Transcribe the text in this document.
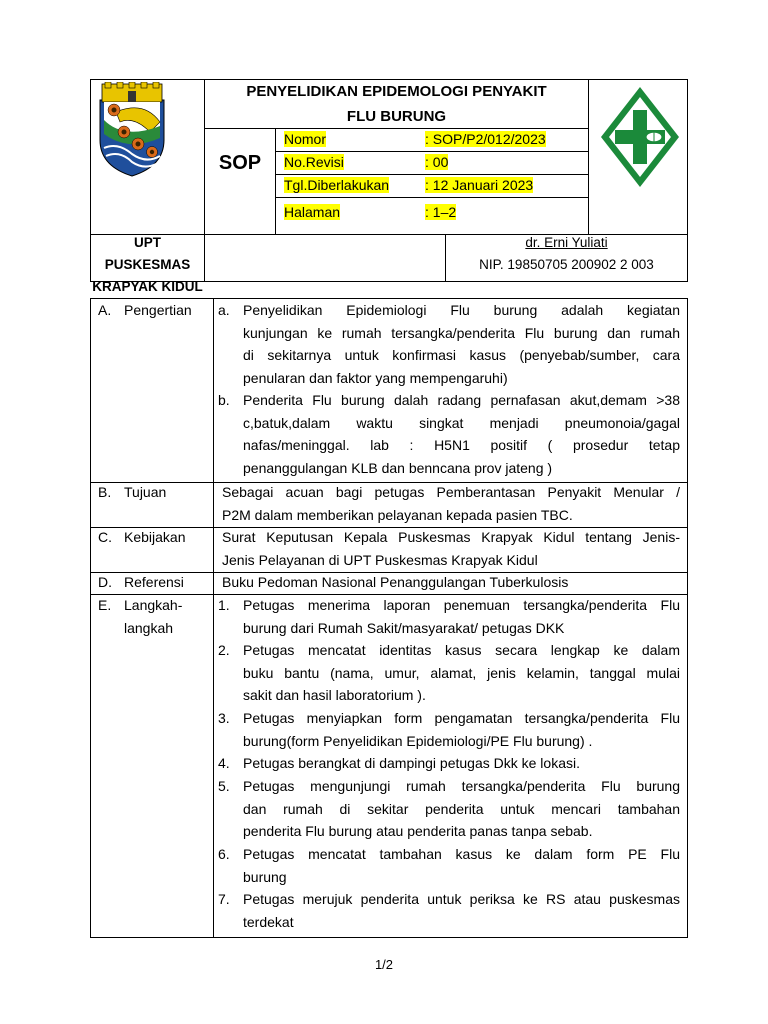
PENYELIDIKAN EPIDEMOLOGI PENYAKIT
FLU BURUNG
SOP
Nomor	: SOP/P2/012/2023
No.Revisi	: 00
Tgl.Diberlakukan	: 12 Januari 2023
Halaman	: 1–2
UPT PUSKESMAS
KRAPYAK KIDUL
dr. Erni Yuliati
NIP. 19850705 200902 2 003
A. Pengertian a. Penyelidikan Epidemiologi Flu burung adalah kegiatan
kunjungan ke rumah tersangka/penderita Flu burung dan rumah
di sekitarnya untuk konfirmasi kasus (penyebab/sumber, cara
penularan dan faktor yang mempengaruhi)
b. Penderita Flu burung dalah radang pernafasan akut,demam >38
c,batuk,dalam waktu singkat menjadi pneumonoia/gagal
nafas/meninggal. lab : H5N1 positif ( prosedur tetap
penanggulangan KLB dan benncana prov jateng )
B. Tujuan	Sebagai acuan bagi petugas Pemberantasan Penyakit Menular /
P2M dalam memberikan pelayanan kepada pasien TBC.
C. Kebijakan	Surat Keputusan Kepala Puskesmas Krapyak Kidul tentang Jenis-
Jenis Pelayanan di UPT Puskesmas Krapyak Kidul
D. Referensi	Buku Pedoman Nasional Penanggulangan Tuberkulosis
E. Langkah-
langkah
1. Petugas menerima laporan penemuan tersangka/penderita Flu
burung dari Rumah Sakit/masyarakat/ petugas DKK
2. Petugas mencatat identitas kasus secara lengkap ke dalam
buku bantu (nama, umur, alamat, jenis kelamin, tanggal mulai
sakit dan hasil laboratorium ).
3. Petugas menyiapkan form pengamatan tersangka/penderita Flu
burung(form Penyelidikan Epidemiologi/PE Flu burung) .
4. Petugas berangkat di dampingi petugas Dkk ke lokasi.
5. Petugas mengunjungi rumah tersangka/penderita Flu burung
dan rumah di sekitar penderita untuk mencari tambahan
penderita Flu burung atau penderita panas tanpa sebab.
6. Petugas mencatat tambahan kasus ke dalam form PE Flu
burung
7. Petugas merujuk penderita untuk periksa ke RS atau puskesmas
terdekat
1/2
